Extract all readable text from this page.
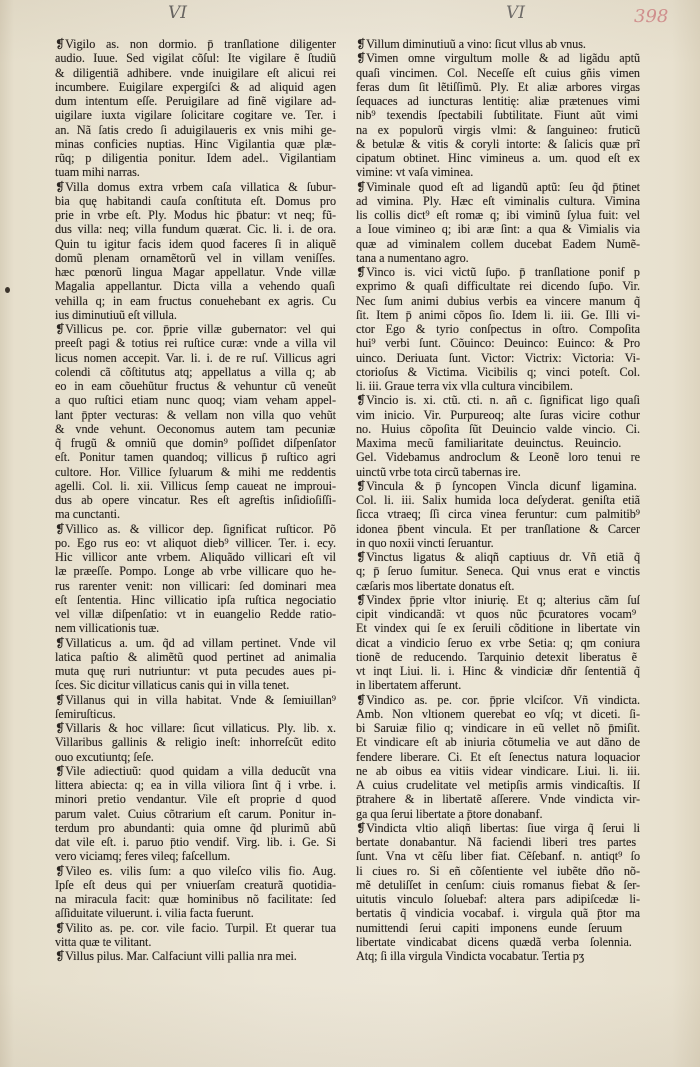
VI	VI	398
❡Vigilo as. non dormio. p̄ tranſlatione diligenter
audio. Iuue. Sed vigilat cõſul: Ite vigilare ẽ ſtudiũ
& diligentiã adhibere. vnde inuigilare eſt alicui rei
incumbere. Euigilare expergiſci & ad aliquid agen
dum intentum eſſe. Peruigilare ad finẽ vigilare ad-
uigilare iuxta vigilare ſolicitare cogitare ve. Ter. i
an. Nã ſatis credo ſi aduigilaueris ex vnis mihi ge-
minas conficies nuptias. Hinc Vigilantia quæ plæ-
rũq; p diligentia ponitur. Idem adel.. Vigilantiam
tuam mihi narras.
❡Villa domus extra vrbem caſa villatica & ſubur-
bia quę habitandi cauſa conſtituta eſt. Domus pro
prie in vrbe eſt. Ply. Modus hic p̄batur: vt neq; fũ-
dus villa: neq; villa fundum quærat. Cic. li. i. de ora.
Quin tu igitur facis idem quod faceres ſi in aliquẽ
domũ plenam ornamẽtorũ vel in villam veniſſes.
hæc pœnorũ lingua Magar appellatur. Vnde villæ
Magalia appellantur. Dicta villa a vehendo quaſi
vehilla q; in eam fructus conuehebant ex agris. Cu
ius diminutiuũ eſt villula.
❡Villicus pe. cor. p̄prie villæ gubernator: vel qui
preeſt pagi & totius rei ruſtice curæ: vnde a villa vil
licus nomen accepit. Var. li. i. de re ruſ. Villicus agri
colendi cã cõſtitutus atq; appellatus a villa q; ab
eo in eam cõuehũtur fructus & vehuntur cũ veneũt
a quo ruſtici etiam nunc quoq; viam veham appel-
lant p̄pter vecturas: & vellam non villa quo vehũt
& vnde vehunt. Oeconomus autem tam pecuniæ
q̃ frugũ & omniũ que domin⁹ poſſidet diſpenſator
eſt. Ponitur tamen quandoq; villicus p̄ ruſtico agri
cultore. Hor. Villice ſyluarum & mihi me reddentis
agelli. Col. li. xii. Villicus ſemp caueat ne improui-
dus ab opere vincatur. Res eſt agreſtis inſidioſiſſi-
ma cunctanti.
❡Villico as. & villicor dep. ſignificat ruſticor. Põ
po. Ego rus eo: vt aliquot dieb⁹ villicer. Ter. i. ecy.
Hic villicor ante vrbem. Aliquãdo villicari eſt vil
læ præeſſe. Pompo. Longe ab vrbe villicare quo he-
rus rarenter venit: non villicari: ſed dominari mea
eſt ſententia. Hinc villicatio ipſa ruſtica negociatio
vel villæ diſpenſatio: vt in euangelio Redde ratio-
nem villicationis tuæ.
❡Villaticus a. um. q̃d ad villam pertinet. Vnde vil
latica paſtio & alimẽtũ quod pertinet ad animalia
muta quę ruri nutriuntur: vt puta pecudes aues pi-
ſces. Sic dicitur villaticus canis qui in villa tenet.
❡Villanus qui in villa habitat. Vnde & ſemiuillan⁹
ſemiruſticus.
❡Villaris & hoc villare: ſicut villaticus. Ply. lib. x.
Villaribus gallinis & religio ineſt: inhorreſcũt edito
ouo excutiuntq; ſeſe.
❡Vile adiectiuũ: quod quidam a villa deducũt vna
littera abiecta: q; ea in villa viliora ſint q̃ i vrbe. i.
minori pretio vendantur. Vile eſt proprie d quod
parum valet. Cuius cõtrarium eſt carum. Ponitur in-
terdum pro abundanti: quia omne q̃d plurimũ abũ
dat vile eſt. i. paruo p̄tio vendif. Virg. lib. i. Ge. Si
vero viciamq; feres vileq; faſcellum.
❡Vileo es. vilis ſum: a quo vileſco vilis fio. Aug.
Ipſe eſt deus qui per vniuerſam creaturã quotidia-
na miracula facit: quæ hominibus nõ facilitate: ſed
aſſiduitate viluerunt. i. vilia facta fuerunt.
❡Vilito as. pe. cor. vile facio. Turpil. Et querar tua
vitta quæ te vilitant.
❡Villus pilus. Mar. Calfaciunt villi pallia nra mei.
❡Villum diminutiuũ a vino: ſicut vllus ab vnus.
❡Vimen omne virgultum molle & ad ligãdu aptũ
quaſi vincimen. Col. Neceſſe eſt cuius gñis vimen
feras dum ſit lẽtiſſimũ. Ply. Et aliæ arbores virgas
ſequaces ad iuncturas lentitię: aliæ prætenues vimi
nib⁹ texendis ſpectabili ſubtilitate. Fiunt aũt vimi
na ex populorũ virgis vlmi: & ſanguineo: fruticũ
& betulæ & vitis & coryli intorte: & ſalicis quæ prĩ
cipatum obtinet. Hinc vimineus a. um. quod eſt ex
vimine: vt vaſa viminea.
❡Viminale quod eſt ad ligandũ aptũ: ſeu q̃d p̄tinet
ad vimina. Ply. Hæc eſt viminalis cultura. Vimina
lis collis dict⁹ eſt romæ q; ibi viminũ ſylua fuit: vel
a Ioue vimineo q; ibi aræ ſint: a qua & Vimialis via
quæ ad viminalem collem ducebat Eadem Numẽ-
tana a numentano agro.
❡Vinco is. vici victũ ſup̄o. p̄ tranſlatione ponif p
exprimo & quaſi difficultate rei dicendo ſup̄o. Vir.
Nec ſum animi dubius verbis ea vincere manum q̃
ſit. Item p̄ animi cõpos ſio. Idem li. iii. Ge. Illi vi-
ctor Ego & tyrio conſpectus in oſtro. Compoſita
hui⁹ verbi ſunt. Cõuinco: Deuinco: Euinco: & Pro
uinco. Deriuata ſunt. Victor: Victrix: Victoria: Vi-
ctorioſus & Victima. Vicibilis q; vinci poteſt. Col.
li. iii. Graue terra vix vlla cultura vincibilem.
❡Vincio is. xi. ctũ. cti. n. añ c. ſignificat ligo quaſi
vim inicio. Vir. Purpureoq; alte ſuras vicire cothur
no. Huius cõpoſita ſũt Deuincio valde vincio. Ci.
Maxima mecũ familiaritate deuinctus. Reuincio.
Gel. Videbamus androclum & Leonẽ loro tenui re
uinctũ vrbe tota circũ tabernas ire.
❡Vincula & p̄ ſyncopen Vincla dicunf ligamina.
Col. li. iii. Salix humida loca deſyderat. geniſta etiã
ſicca vtraeq; ſſi circa vinea feruntur: cum palmitib⁹
idonea p̄bent vincula. Et per tranſlatione & Carcer
in quo noxii vincti ſeruantur.
❡Vinctus ligatus & aliqñ captiuus dr. Vñ etiã q̃
q; p̄ ſeruo ſumitur. Seneca. Qui vnus erat e vinctis
cæſaris mos libertate donatus eſt.
❡Vindex p̄prie vltor iniurię. Et q; alterius cãm ſuſ
cipit vindicandã: vt quos nũc p̄curatores vocam⁹
Et vindex qui ſe ex ſeruili cõditione in libertate vin
dicat a vindicio ſeruo ex vrbe Setia: q; qm coniura
tionẽ de reducendo. Tarquinio detexit liberatus ẽ
vt inqt Liui. li. i. Hinc & vindiciæ dñr ſententiã q̃
in libertatem afferunt.
❡Vindico as. pe. cor. p̄prie vlciſcor. Vñ vindicta.
Amb. Non vltionem querebat eo vſq; vt diceti. ſi-
bi Saruiæ filio q; vindicare in eũ vellet nõ p̄miſit.
Et vindicare eſt ab iniuria cõtumelia ve aut dãno de
fendere liberare. Ci. Et eſt ſenectus natura loquacior
ne ab oibus ea vitiis videar vindicare. Liui. li. iii.
A cuius crudelitate vel metipſis armis vindicaſtis. Iſ
p̄trahere & in libertatẽ aſſerere. Vnde vindicta vir-
ga qua ſerui libertate a p̄tore donabanf.
❡Vindicta vltio aliqñ libertas: ſiue virga q̃ ſerui li
bertate donabantur. Nã faciendi liberi tres partes
ſunt. Vna vt cẽſu liber fiat. Cẽſebanf. n. antiqt⁹ ſo
li ciues ro. Si eñ cõſentiente vel iubẽte dño nõ-
mẽ detuliſſet in cenſum: ciuis romanus fiebat & ſer-
uitutis vinculo ſoluebaf: altera pars adipiſcedæ li-
bertatis q̃ vindicia vocabaf. i. virgula quã p̄tor ma
numittendi ſerui capiti imponens eunde ſeruum
libertate vindicabat dicens quædã verba ſolennia.
Atq; ſi illa virgula Vindicta vocabatur. Tertia pʒ
